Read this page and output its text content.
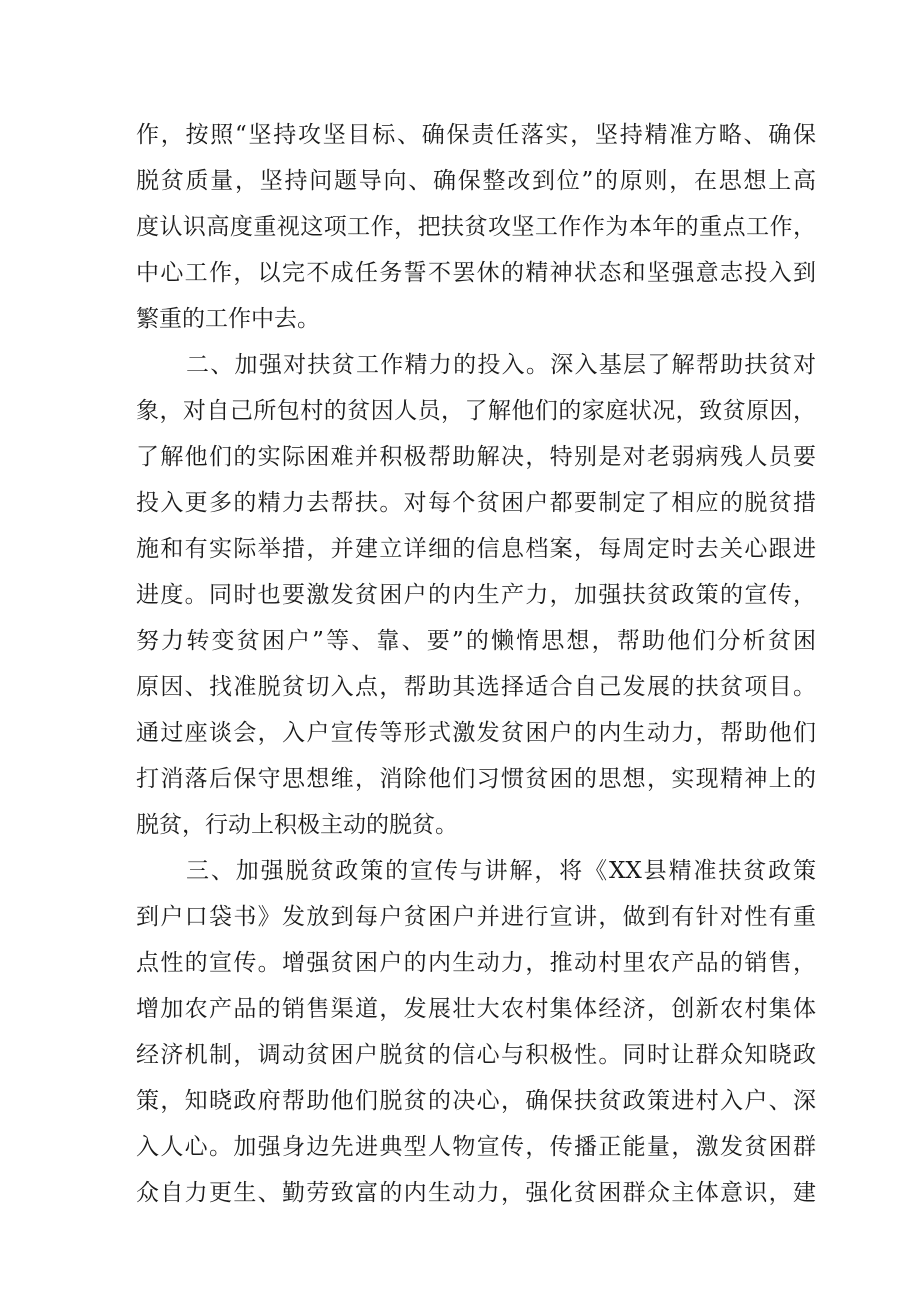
作，按照“坚持攻坚目标、确保责任落实，坚持精准方略、确保
脱贫质量，坚持问题导向、确保整改到位”的原则，在思想上高
度认识高度重视这项工作，把扶贫攻坚工作作为本年的重点工作，
中心工作，以完不成任务誓不罢休的精神状态和坚强意志投入到
繁重的工作中去。
二、加强对扶贫工作精力的投入。深入基层了解帮助扶贫对
象，对自己所包村的贫因人员，了解他们的家庭状况，致贫原因，
了解他们的实际困难并积极帮助解决，特别是对老弱病残人员要
投入更多的精力去帮扶。对每个贫困户都要制定了相应的脱贫措
施和有实际举措，并建立详细的信息档案，每周定时去关心跟进
进度。同时也要激发贫困户的内生产力，加强扶贫政策的宣传，
努力转变贫困户”等、靠、要”的懒惰思想，帮助他们分析贫困
原因、找准脱贫切入点，帮助其选择适合自己发展的扶贫项目。
通过座谈会，入户宣传等形式激发贫困户的内生动力，帮助他们
打消落后保守思想维，消除他们习惯贫困的思想，实现精神上的
脱贫，行动上积极主动的脱贫。
三、加强脱贫政策的宣传与讲解，将《XX县精准扶贫政策
到户口袋书》发放到每户贫困户并进行宣讲，做到有针对性有重
点性的宣传。增强贫困户的内生动力，推动村里农产品的销售，
增加农产品的销售渠道，发展壮大农村集体经济，创新农村集体
经济机制，调动贫困户脱贫的信心与积极性。同时让群众知晓政
策，知晓政府帮助他们脱贫的决心，确保扶贫政策进村入户、深
入人心。加强身边先进典型人物宣传，传播正能量，激发贫困群
众自力更生、勤劳致富的内生动力，强化贫困群众主体意识，建
